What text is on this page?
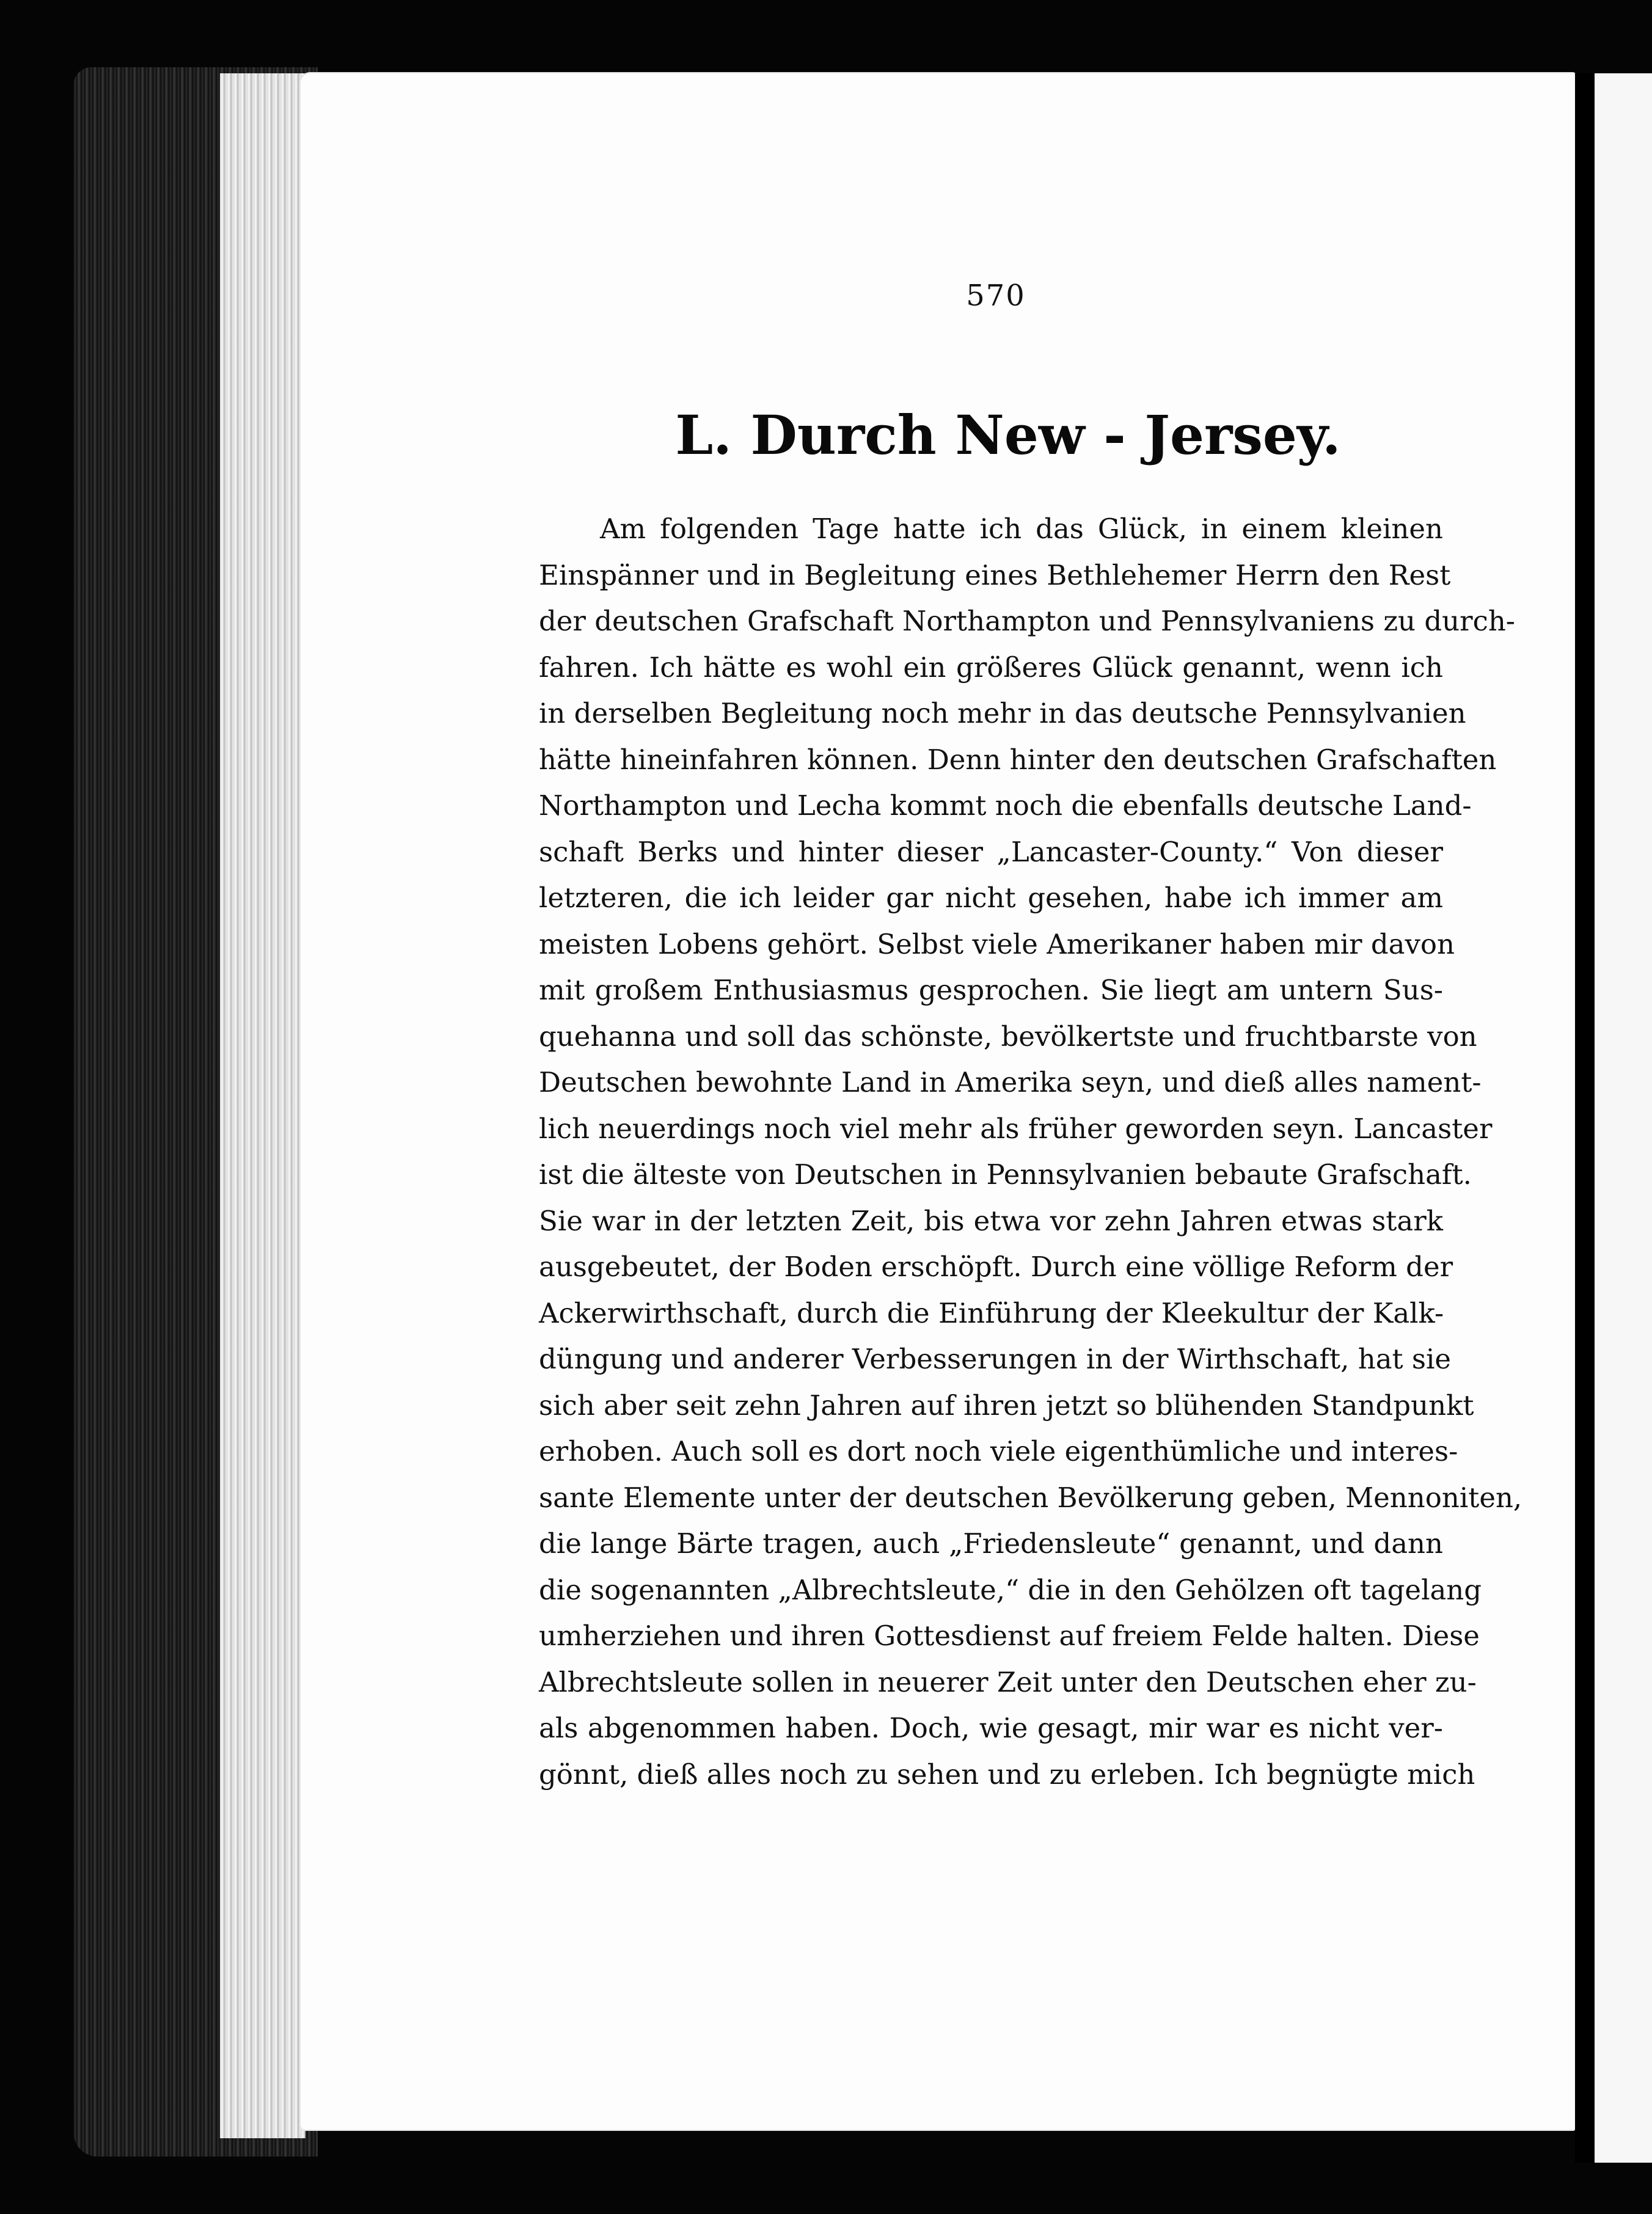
570
L. Durch New - Jersey.
Am folgenden Tage hatte ich das Glück, in einem kleinen
Einspänner und in Begleitung eines Bethlehemer Herrn den Rest
der deutschen Grafschaft Northampton und Pennsylvaniens zu durch-
fahren. Ich hätte es wohl ein größeres Glück genannt, wenn ich
in derselben Begleitung noch mehr in das deutsche Pennsylvanien
hätte hineinfahren können. Denn hinter den deutschen Grafschaften
Northampton und Lecha kommt noch die ebenfalls deutsche Land-
schaft Berks und hinter dieser „Lancaster-County.“ Von dieser
letzteren, die ich leider gar nicht gesehen, habe ich immer am
meisten Lobens gehört. Selbst viele Amerikaner haben mir davon
mit großem Enthusiasmus gesprochen. Sie liegt am untern Sus-
quehanna und soll das schönste, bevölkertste und fruchtbarste von
Deutschen bewohnte Land in Amerika seyn, und dieß alles nament-
lich neuerdings noch viel mehr als früher geworden seyn. Lancaster
ist die älteste von Deutschen in Pennsylvanien bebaute Grafschaft.
Sie war in der letzten Zeit, bis etwa vor zehn Jahren etwas stark
ausgebeutet, der Boden erschöpft. Durch eine völlige Reform der
Ackerwirthschaft, durch die Einführung der Kleekultur der Kalk-
düngung und anderer Verbesserungen in der Wirthschaft, hat sie
sich aber seit zehn Jahren auf ihren jetzt so blühenden Standpunkt
erhoben. Auch soll es dort noch viele eigenthümliche und interes-
sante Elemente unter der deutschen Bevölkerung geben, Mennoniten,
die lange Bärte tragen, auch „Friedensleute“ genannt, und dann
die sogenannten „Albrechtsleute,“ die in den Gehölzen oft tagelang
umherziehen und ihren Gottesdienst auf freiem Felde halten. Diese
Albrechtsleute sollen in neuerer Zeit unter den Deutschen eher zu-
als abgenommen haben. Doch, wie gesagt, mir war es nicht ver-
gönnt, dieß alles noch zu sehen und zu erleben. Ich begnügte mich
